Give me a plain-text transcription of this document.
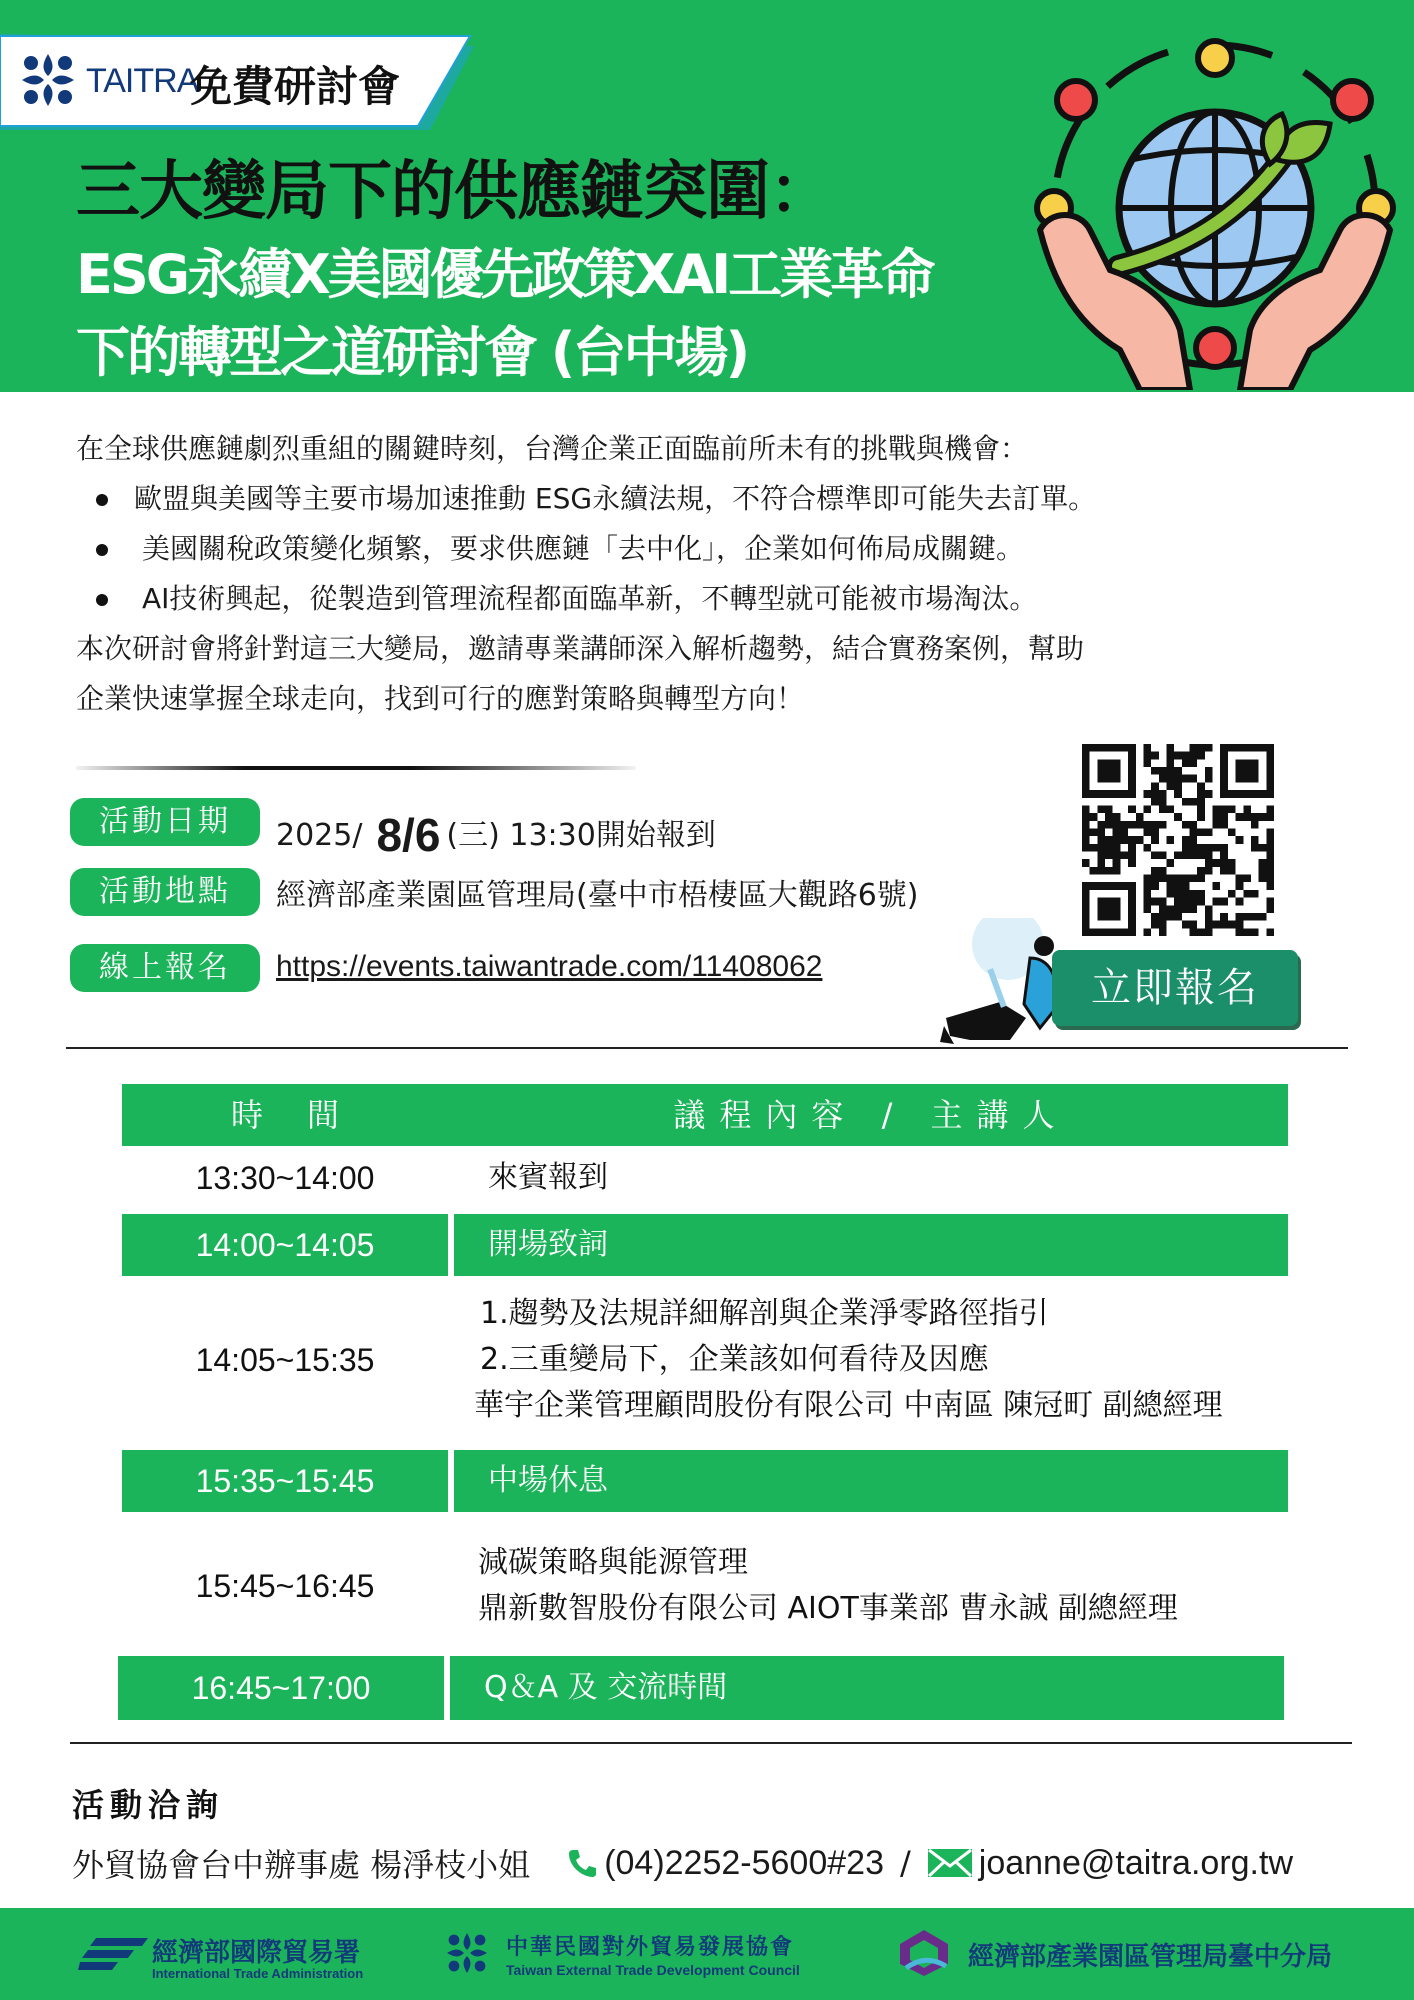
TAITRA
免費研討會
三大變局下的供應鏈突圍：
ESG永續X美國優先政策XAI工業革命
下的轉型之道研討會 (台中場)

在全球供應鏈劇烈重組的關鍵時刻，台灣企業正面臨前所未有的挑戰與機會：

歐盟與美國等主要市場加速推動 ESG永續法規，不符合標準即可能失去訂單。
美國關稅政策變化頻繁，要求供應鏈「去中化」，企業如何佈局成關鍵。
AI技術興起，從製造到管理流程都面臨革新，不轉型就可能被市場淘汰。

本次研討會將針對這三大變局，邀請專業講師深入解析趨勢，結合實務案例，幫助

企業快速掌握全球走向，找到可行的應對策略與轉型方向！

活動日期	2025/ 8/6 (三) 13:30開始報到
活動地點	經濟部產業園區管理局(臺中市梧棲區大觀路6號)
線上報名	https://events.taiwantrade.com/11408062	立即報名
時間	議程內容 / 主講人
13:30~14:00	來賓報到
14:00~14:05	開場致詞
14:05~15:35
1.趨勢及法規詳細解剖與企業淨零路徑指引
2.三重變局下，企業該如何看待及因應
華宇企業管理顧問股份有限公司 中南區 陳冠町 副總經理
15:35~15:45	中場休息
15:45~16:45
減碳策略與能源管理
鼎新數智股份有限公司 AIOT事業部 曹永誠 副總經理
16:45~17:00	Q＆A 及 交流時間
活動洽詢
外貿協會台中辦事處 楊淨枝小姐 (04)2252-5600#23 / joanne@taitra.org.tw
經濟部國際貿易署
International Trade Administration
中華民國對外貿易發展協會
Taiwan External Trade Development Council	經濟部產業園區管理局臺中分局
